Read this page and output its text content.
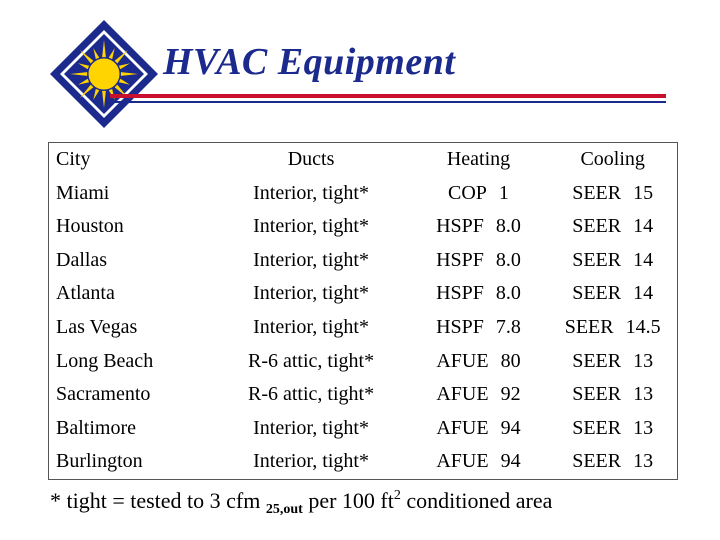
HVAC Equipment
City	Ducts	Heating	Cooling
Miami	Interior, tight*	COP 1	SEER 15
Houston	Interior, tight*	HSPF 8.0	SEER 14
Dallas	Interior, tight*	HSPF 8.0	SEER 14
Atlanta	Interior, tight*	HSPF 8.0	SEER 14
Las Vegas	Interior, tight*	HSPF 7.8	SEER 14.5
Long Beach	R-6 attic, tight*	AFUE 80	SEER 13
Sacramento	R-6 attic, tight*	AFUE 92	SEER 13
Baltimore	Interior, tight*	AFUE 94	SEER 13
Burlington	Interior, tight*	AFUE 94	SEER 13
* tight = tested to 3 cfm $_{25,out}$ per 100 $ft^2$ conditioned area
